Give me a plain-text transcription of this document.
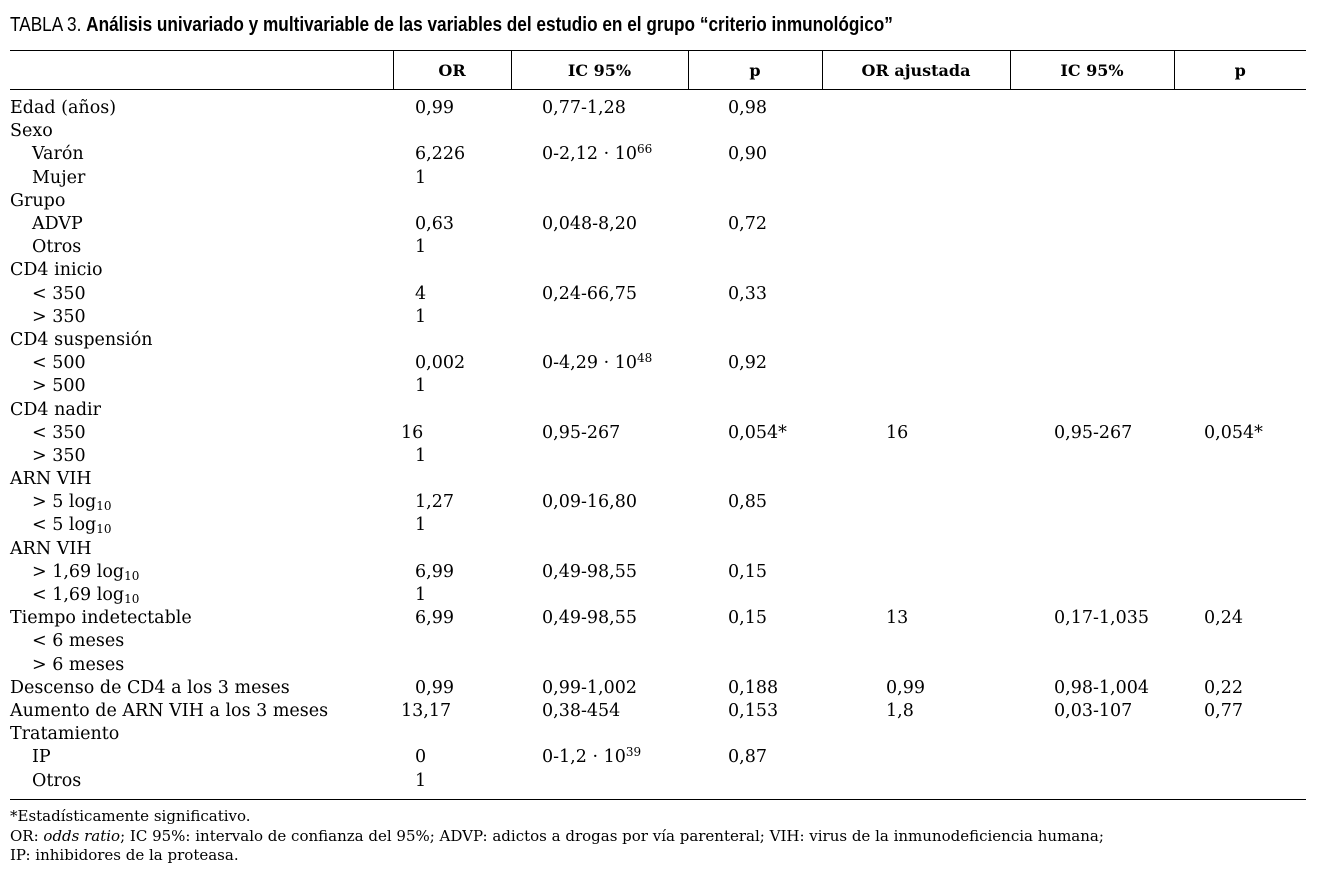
TABLA 3. Análisis univariado y multivariable de las variables del estudio en el grupo “criterio inmunológico”
	OR	IC 95%	p	OR ajustada	IC 95%	p
Edad (años)	0,99	0,77-1,28	0,98			
Sexo						
Varón	6,226	$0-2,12 \cdot 10^{66}$	0,90			
Mujer	1					
Grupo						
ADVP	0,63	0,048-8,20	0,72			
Otros	1					
CD4 inicio						
< 350	4	0,24-66,75	0,33			
> 350	1					
CD4 suspensión						
< 500	0,002	$0-4,29 \cdot 10^{48}$	0,92			
> 500	1					
CD4 nadir						
< 350	16	0,95-267	0,054*	16	0,95-267	0,054*
> 350	1					
ARN VIH						
> 5 $\log_{10}$	1,27	0,09-16,80	0,85			
< 5 $\log_{10}$	1					
ARN VIH						
> 1,69 $\log_{10}$	6,99	0,49-98,55	0,15			
< 1,69 $\log_{10}$	1					
Tiempo indetectable	6,99	0,49-98,55	0,15	13	0,17-1,035	0,24
< 6 meses						
> 6 meses						
Descenso de CD4 a los 3 meses	0,99	0,99-1,002	0,188	0,99	0,98-1,004	0,22
Aumento de ARN VIH a los 3 meses	13,17	0,38-454	0,153	1,8	0,03-107	0,77
Tratamiento						
IP	0	$0-1,2 \cdot 10^{39}$	0,87			
Otros	1					
*Estadísticamente significativo.
OR: odds ratio; IC 95%: intervalo de confianza del 95%; ADVP: adictos a drogas por vía parenteral; VIH: virus de la inmunodeficiencia humana;
IP: inhibidores de la proteasa.
